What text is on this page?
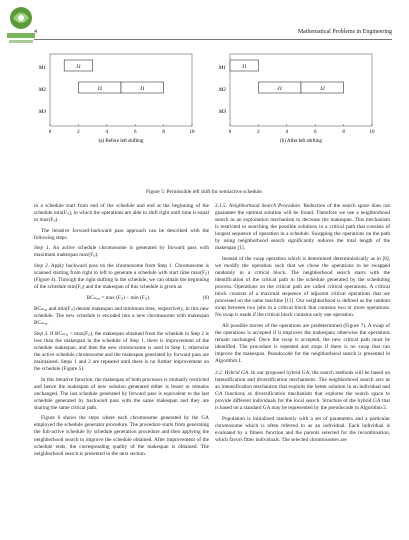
4	Mathematical Problems in Engineering
M1
M2
M3
J1
J2	J1
0	2	4	6	8	10
(a) Before left shifting
M1
M2
M3
J1
J1	J2
0	2	4	6	8	10
(b) After left shifting
Figure 5: Permissible left shift for semiactive schedule.

in a schedule start from end of the schedule and end at the beginning of the schedule min(Fᵢⱼ), in which the operations are able to shift right until time is equal to max(Fᵢⱼ).

The iterative forward-backward pass approach can be described with the following steps.

Step 1. An active schedule chromosome is generated by forward pass with maximum makespan max(Fᵢⱼ).

Step 2. Apply backward pass on the chromosome from Step 1. Chromosome is scanned starting from right to left to generate a schedule with start time max(Fᵢⱼ) (Figure 4). Through the right shifting in the schedule, we can obtain the beginning of the schedule min(Fᵢⱼ) and the makespan of this schedule is given as

BCₘₐₓ = max (Fᵢⱼ) − min (Fᵢⱼ).	(6)

BCₘₐₓ and min(Fᵢⱼ) denote makespan and minimum time, respectively, in this new schedule. The new schedule is encoded into a new chromosome with makespan BCₘₐₓ.

Step 3. If BCₘₐₓ < max(Fᵢⱼ), the makespan obtained from the schedule in Step 2 is less than the makespan in the schedule of Step 1, there is improvement of the schedule makespan, and then the new chromosome is used in Step 1; otherwise the active schedule chromosome and the makespan generated by forward pass are maintained. Steps 1 and 2 are repeated until there is no further improvement on the schedule (Figure 5).

In this iterative function, the makespan of both processes is mutually restricted and hence the makespan of new solution generated either is lesser or remains unchanged. The last schedule generated by forward pass is equivalent to the last schedule generated by backward pass with the same makespan and they are sharing the same critical path.

Figure 6 shows the steps where each chromosome generated by the GA employed the schedule generator procedure. The procedure starts from generating the full-active schedule by schedule generation procedure and then applying the neighborhood search to improve the schedule obtained. After improvement of the schedule ends, the corresponding quality of the makespan is obtained. The neighborhood search is presented in the next section.

3.1.5. Neighborhood Search Procedure. Reduction of the search space does not guarantee the optimal solution will be found. Therefore we use a neighborhood search as an exploitation mechanism to decrease the makespan. This mechanism is restricted to searching the possible solutions in a critical path that consists of longest sequence of operation in a schedule. Swapping the operations on the path by using neighborhood search significantly reduces the total length of the makespan [1].

Instead of the swap operation which is determined deterministically as in [8], we modify the operation such that we chose the operations to be swapped randomly in a critical block. The neighborhood search starts with the identification of the critical path in the schedule generated by the scheduling process. Operations on the critical path are called critical operations. A critical block consists of a maximal sequence of adjacent critical operations that are processed on the same machine [11]. Our neighborhood is defined as the random swap between two jobs in a critical block that contains two or more operations. No swap is made if the critical block contains only one operation.

All possible moves of the operations are predetermined (Figure 7). A swap of the operations is accepted if it improves the makespan; otherwise the operations remain unchanged. Once the swap is accepted, the new critical path must be identified. The procedure is repeated and stops if there is no swap that can improve the makespan. Pseudocode for the neighborhood search is presented in Algorithm 1.

3.2. Hybrid GA. In our proposed hybrid GA, the search methods will be based on intensification and diversification mechanisms. The neighborhood search acts as an intensification mechanism that exploits the better solution in an individual and GA functions as diversification mechanism that explores the search space to provide different individuals for the local search. Structure of the hybrid GA that is based on a standard GA may be represented by the pseudocode in Algorithm 2.

Population is initialized randomly with a set of parameters and a particular chromosome which is often referred to as an individual. Each individual is evaluated by a fitness function and the parents selected for the recombination, which favors fitter individuals. The selected chromosomes are
